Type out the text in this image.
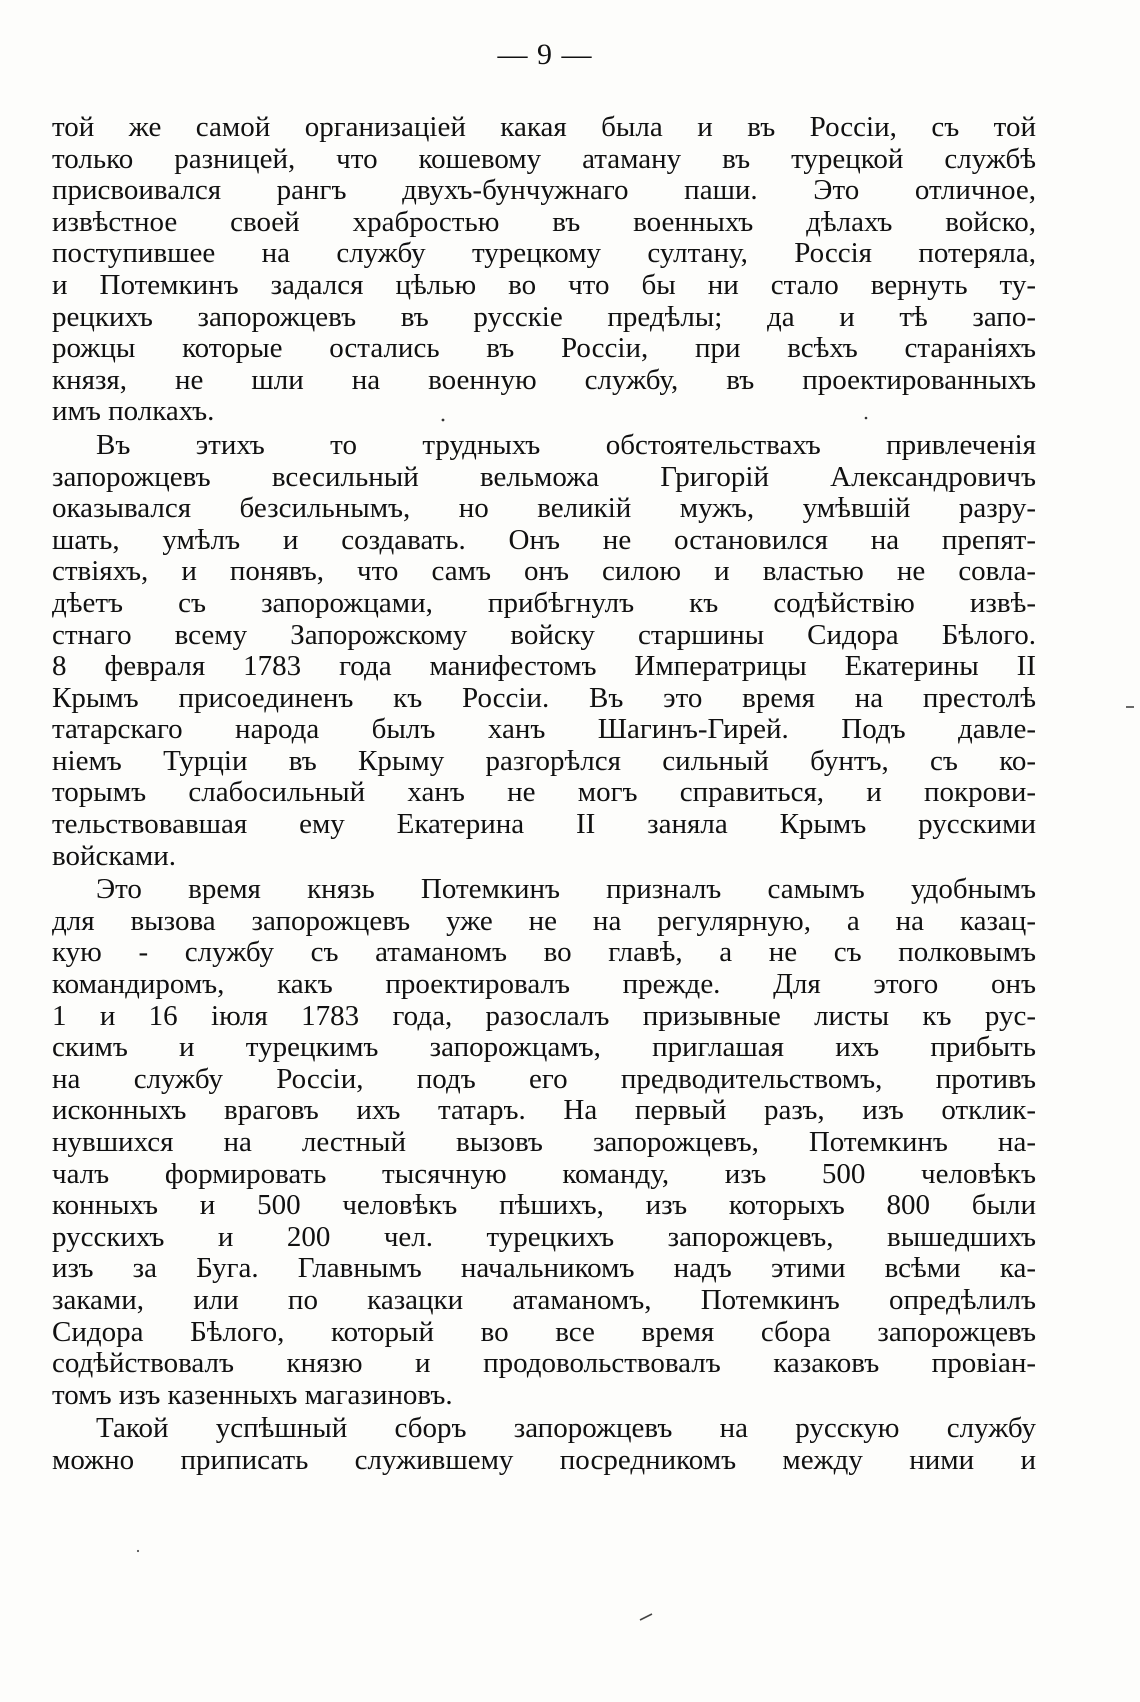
— 9 —
той же самой организаціей какая была и въ Россіи, съ той
только разницей, что кошевому атаману въ турецкой службѣ
присвоивался рангъ двухъ-бунчужнаго паши. Это отличное,
извѣстное своей храбростью въ военныхъ дѣлахъ войско,
поступившее на службу турецкому султану, Россія потеряла,
и Потемкинъ задался цѣлью во что бы ни стало вернуть ту-
рецкихъ запорожцевъ въ русскіе предѣлы; да и тѣ запо-
рожцы которые остались въ Россіи, при всѣхъ стараніяхъ
князя, не шли на военную службу, въ проектированныхъ
имъ полкахъ.
Въ этихъ то трудныхъ обстоятельствахъ привлеченія
запорожцевъ всесильный вельможа Григорій Александровичъ
оказывался безсильнымъ, но великій мужъ, умѣвшій разру-
шать, умѣлъ и создавать. Онъ не остановился на препят-
ствіяхъ, и понявъ, что самъ онъ силою и властью не совла-
дѣетъ съ запорожцами, прибѣгнулъ къ содѣйствію извѣ-
стнаго всему Запорожскому войску старшины Сидора Бѣлого.
8 февраля 1783 года манифестомъ Императрицы Екатерины II
Крымъ присоединенъ къ Россіи. Въ это время на престолѣ
татарскаго народа былъ ханъ Шагинъ-Гирей. Подъ давле-
ніемъ Турціи въ Крыму разгорѣлся сильный бунтъ, съ ко-
торымъ слабосильный ханъ не могъ справиться, и покрови-
тельствовавшая ему Екатерина II заняла Крымъ русскими
войсками.
Это время князь Потемкинъ призналъ самымъ удобнымъ
для вызова запорожцевъ уже не на регулярную, а на казац-
кую - службу съ атаманомъ во главѣ, а не съ полковымъ
командиромъ, какъ проектировалъ прежде. Для этого онъ
1 и 16 іюля 1783 года, разослалъ призывные листы къ рус-
скимъ и турецкимъ запорожцамъ, приглашая ихъ прибыть
на службу Россіи, подъ его предводительствомъ, противъ
исконныхъ враговъ ихъ татаръ. На первый разъ, изъ отклик-
нувшихся на лестный вызовъ запорожцевъ, Потемкинъ на-
чалъ формировать тысячную команду, изъ 500 человѣкъ
конныхъ и 500 человѣкъ пѣшихъ, изъ которыхъ 800 были
русскихъ и 200 чел. турецкихъ запорожцевъ, вышедшихъ
изъ за Буга. Главнымъ начальникомъ надъ этими всѣми ка-
заками, или по казацки атаманомъ, Потемкинъ опредѣлилъ
Сидора Бѣлого, который во все время сбора запорожцевъ
содѣйствовалъ князю и продовольствовалъ казаковъ провіан-
томъ изъ казенныхъ магазиновъ.
Такой успѣшный сборъ запорожцевъ на русскую службу
можно приписать служившему посредникомъ между ними и
